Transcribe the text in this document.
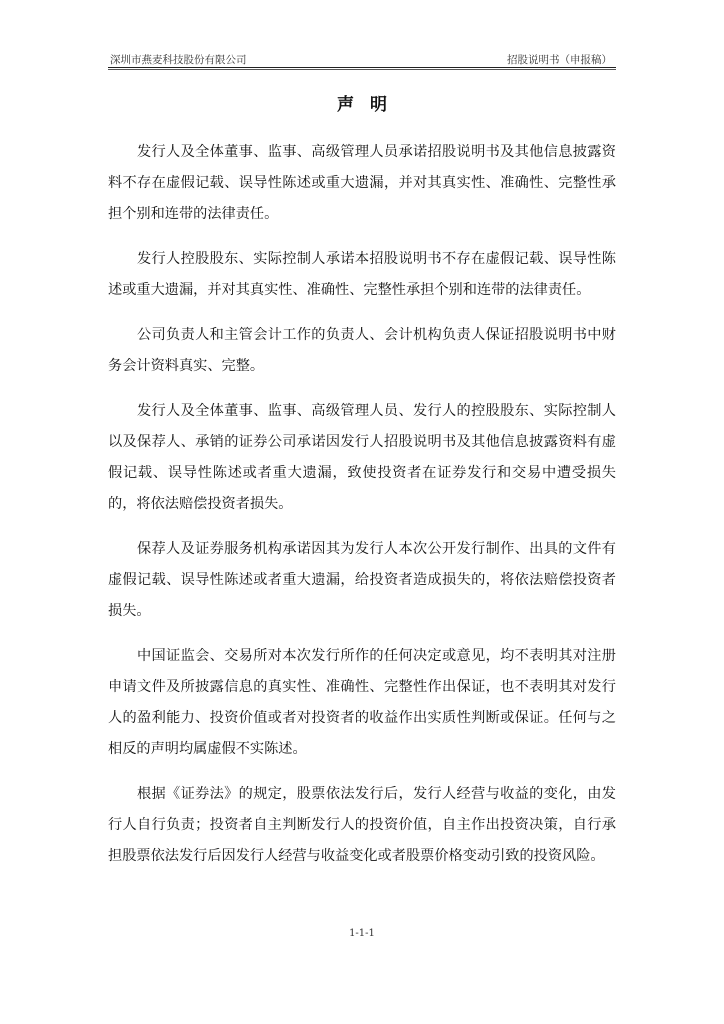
深圳市燕麦科技股份有限公司	招股说明书（申报稿）
声明

发行人及全体董事、监事、高级管理人员承诺招股说明书及其他信息披露资料不存在虚假记载、误导性陈述或重大遗漏，并对其真实性、准确性、完整性承担个别和连带的法律责任。

发行人控股股东、实际控制人承诺本招股说明书不存在虚假记载、误导性陈述或重大遗漏，并对其真实性、准确性、完整性承担个别和连带的法律责任。

公司负责人和主管会计工作的负责人、会计机构负责人保证招股说明书中财务会计资料真实、完整。

发行人及全体董事、监事、高级管理人员、发行人的控股股东、实际控制人以及保荐人、承销的证券公司承诺因发行人招股说明书及其他信息披露资料有虚假记载、误导性陈述或者重大遗漏，致使投资者在证券发行和交易中遭受损失的，将依法赔偿投资者损失。

保荐人及证券服务机构承诺因其为发行人本次公开发行制作、出具的文件有虚假记载、误导性陈述或者重大遗漏，给投资者造成损失的，将依法赔偿投资者损失。

中国证监会、交易所对本次发行所作的任何决定或意见，均不表明其对注册申请文件及所披露信息的真实性、准确性、完整性作出保证，也不表明其对发行人的盈利能力、投资价值或者对投资者的收益作出实质性判断或保证。任何与之相反的声明均属虚假不实陈述。

根据《证券法》的规定，股票依法发行后，发行人经营与收益的变化，由发行人自行负责；投资者自主判断发行人的投资价值，自主作出投资决策，自行承担股票依法发行后因发行人经营与收益变化或者股票价格变动引致的投资风险。

1-1-1
